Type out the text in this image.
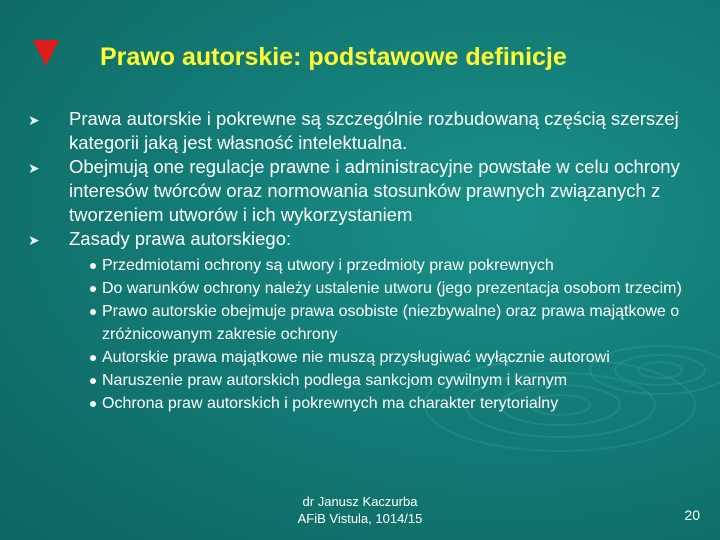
Prawo autorskie: podstawowe definicje
➤ Prawa autorskie i pokrewne są szczególnie rozbudowaną częścią szerszej kategorii jaką jest własność intelektualna.
➤ Obejmują one regulacje prawne i administracyjne powstałe w celu ochrony interesów twórców oraz normowania stosunków prawnych związanych z tworzeniem utworów i ich wykorzystaniem
➤ Zasady prawa autorskiego:
Przedmiotami ochrony są utwory i przedmioty praw pokrewnych
Do warunków ochrony należy ustalenie utworu (jego prezentacja osobom trzecim)
Prawo autorskie obejmuje prawa osobiste (niezbywalne) oraz prawa majątkowe o zróżnicowanym zakresie ochrony
Autorskie prawa majątkowe nie muszą przysługiwać wyłącznie autorowi
Naruszenie praw autorskich podlega sankcjom cywilnym i karnym
Ochrona praw autorskich i pokrewnych ma charakter terytorialny
dr Janusz Kaczurba
AFiB Vistula, 1014/15	20
